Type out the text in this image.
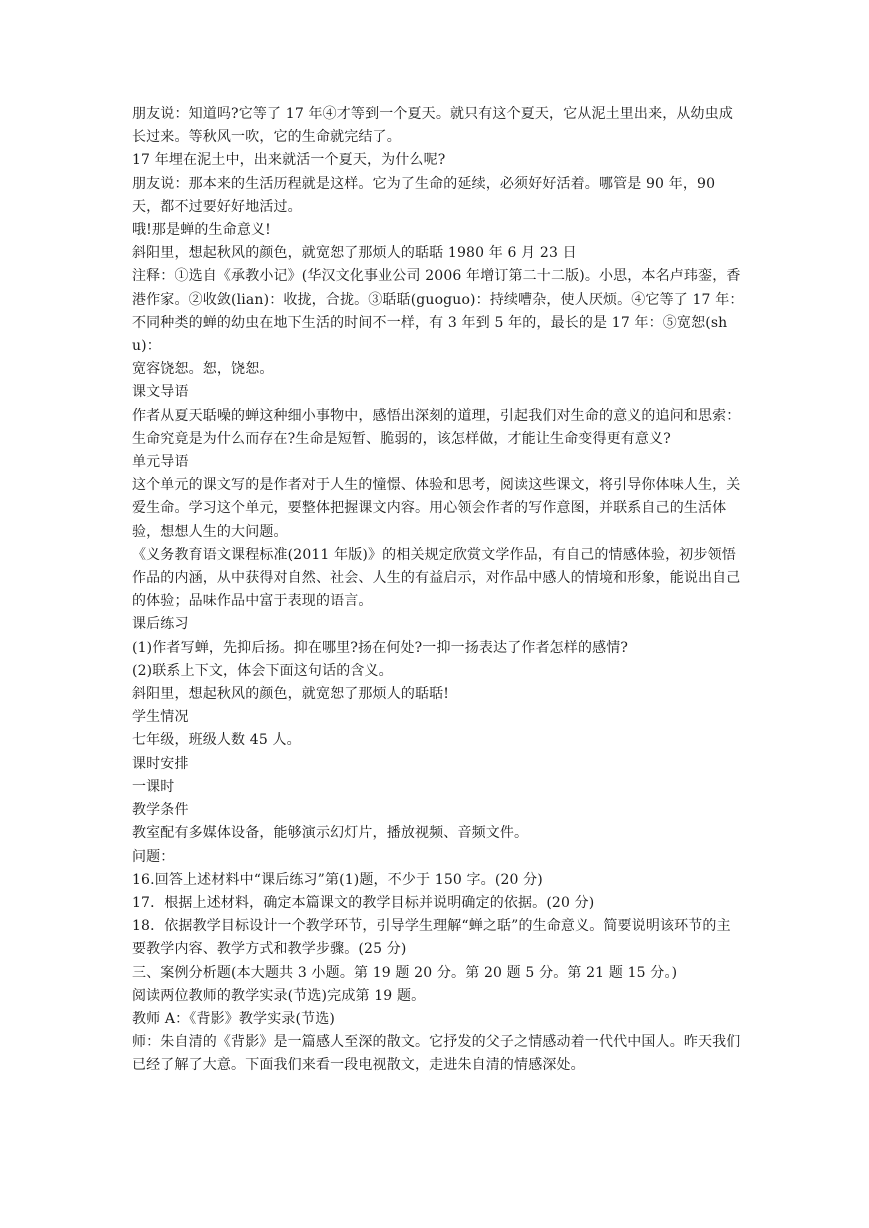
朋友说：知道吗?它等了 17 年④才等到一个夏天。就只有这个夏天，它从泥土里出来，从幼虫成长过来。等秋风一吹，它的生命就完结了。

17 年埋在泥土中，出来就活一个夏天，为什么呢?

朋友说：那本来的生活历程就是这样。它为了生命的延续，必须好好活着。哪管是 90 年，90 天，都不过要好好地活过。

哦!那是蝉的生命意义!

斜阳里，想起秋风的颜色，就宽恕了那烦人的聒聒 1980 年 6 月 23 日

注释：①选自《承教小记》(华汉文化事业公司 2006 年增订第二十二版)。小思，本名卢玮銮，香港作家。②收敛(lian)：收拢，合拢。③聒聒(guoguo)：持续嘈杂，使人厌烦。④它等了 17 年：不同种类的蝉的幼虫在地下生活的时间不一样，有 3 年到 5 年的，最长的是 17 年：⑤宽恕(shu)：

宽容饶恕。恕，饶恕。

课文导语

作者从夏天聒噪的蝉这种细小事物中，感悟出深刻的道理，引起我们对生命的意义的追问和思索：生命究竟是为什么而存在?生命是短暂、脆弱的，该怎样做，才能让生命变得更有意义?

单元导语

这个单元的课文写的是作者对于人生的憧憬、体验和思考，阅读这些课文，将引导你体味人生，关爱生命。学习这个单元，要整体把握课文内容。用心领会作者的写作意图，并联系自己的生活体验，想想人生的大问题。

《义务教育语文课程标准(2011 年版)》的相关规定欣赏文学作品，有自己的情感体验，初步领悟作品的内涵，从中获得对自然、社会、人生的有益启示，对作品中感人的情境和形象，能说出自己的体验；品味作品中富于表现的语言。

课后练习

(1)作者写蝉，先抑后扬。抑在哪里?扬在何处?一抑一扬表达了作者怎样的感情?

(2)联系上下文，体会下面这句话的含义。

斜阳里，想起秋风的颜色，就宽恕了那烦人的聒聒!

学生情况

七年级，班级人数 45 人。

课时安排

一课时

教学条件

教室配有多媒体设备，能够演示幻灯片，播放视频、音频文件。

问题：

16.回答上述材料中“课后练习”第(1)题，不少于 150 字。(20 分)

17．根据上述材料，确定本篇课文的教学目标并说明确定的依据。(20 分)

18．依据教学目标设计一个教学环节，引导学生理解“蝉之聒”的生命意义。简要说明该环节的主

要教学内容、教学方式和教学步骤。(25 分)

三、案例分析题(本大题共 3 小题。第 19 题 20 分。第 20 题 5 分。第 21 题 15 分。)

阅读两位教师的教学实录(节选)完成第 19 题。

教师 A：《背影》教学实录(节选)

师：朱自清的《背影》是一篇感人至深的散文。它抒发的父子之情感动着一代代中国人。昨天我们已经了解了大意。下面我们来看一段电视散文，走进朱自清的情感深处。
